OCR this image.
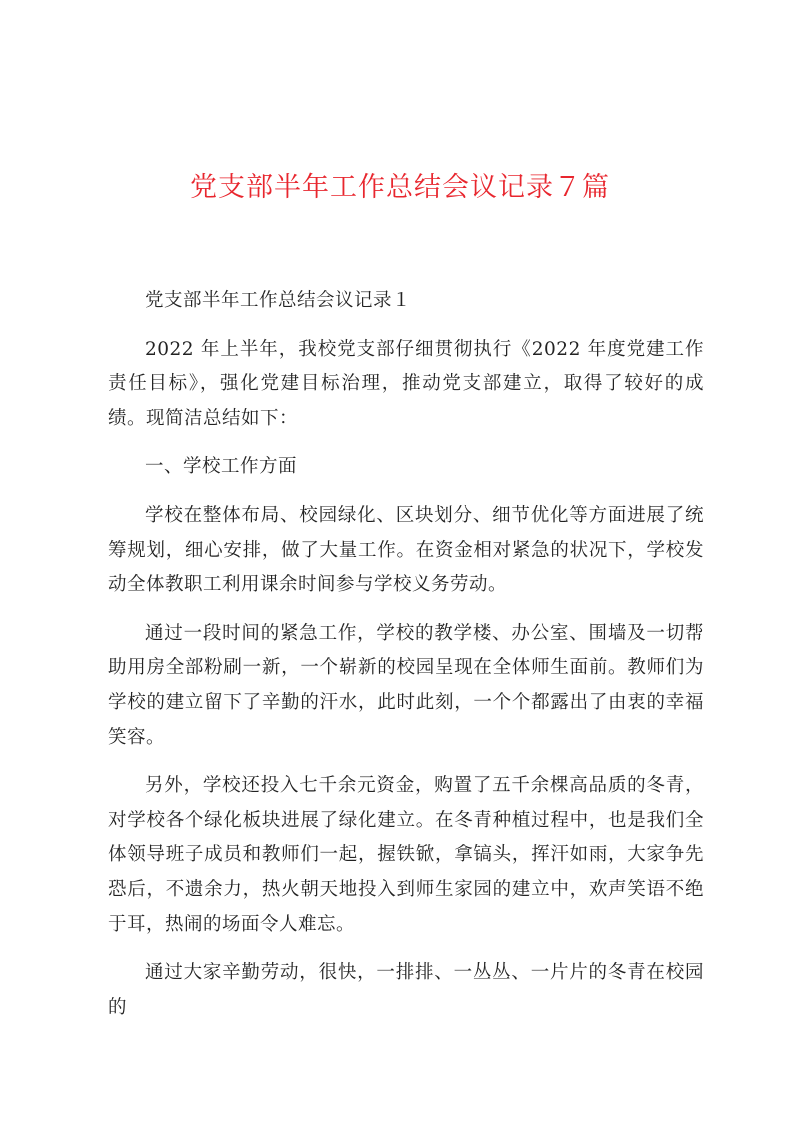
党支部半年工作总结会议记录７篇

党支部半年工作总结会议记录１

2022 年上半年，我校党支部仔细贯彻执行《2022 年度党建工作责任目标》，强化党建目标治理，推动党支部建立，取得了较好的成绩。现简洁总结如下：

一、学校工作方面

学校在整体布局、校园绿化、区块划分、细节优化等方面进展了统筹规划，细心安排，做了大量工作。在资金相对紧急的状况下，学校发动全体教职工利用课余时间参与学校义务劳动。

通过一段时间的紧急工作，学校的教学楼、办公室、围墙及一切帮助用房全部粉刷一新，一个崭新的校园呈现在全体师生面前。教师们为学校的建立留下了辛勤的汗水，此时此刻，一个个都露出了由衷的幸福笑容。

另外，学校还投入七千余元资金，购置了五千余棵高品质的冬青，对学校各个绿化板块进展了绿化建立。在冬青种植过程中，也是我们全体领导班子成员和教师们一起，握铁锨，拿镐头，挥汗如雨，大家争先恐后，不遗余力，热火朝天地投入到师生家园的建立中，欢声笑语不绝于耳，热闹的场面令人难忘。

通过大家辛勤劳动，很快，一排排、一丛丛、一片片的冬青在校园的
